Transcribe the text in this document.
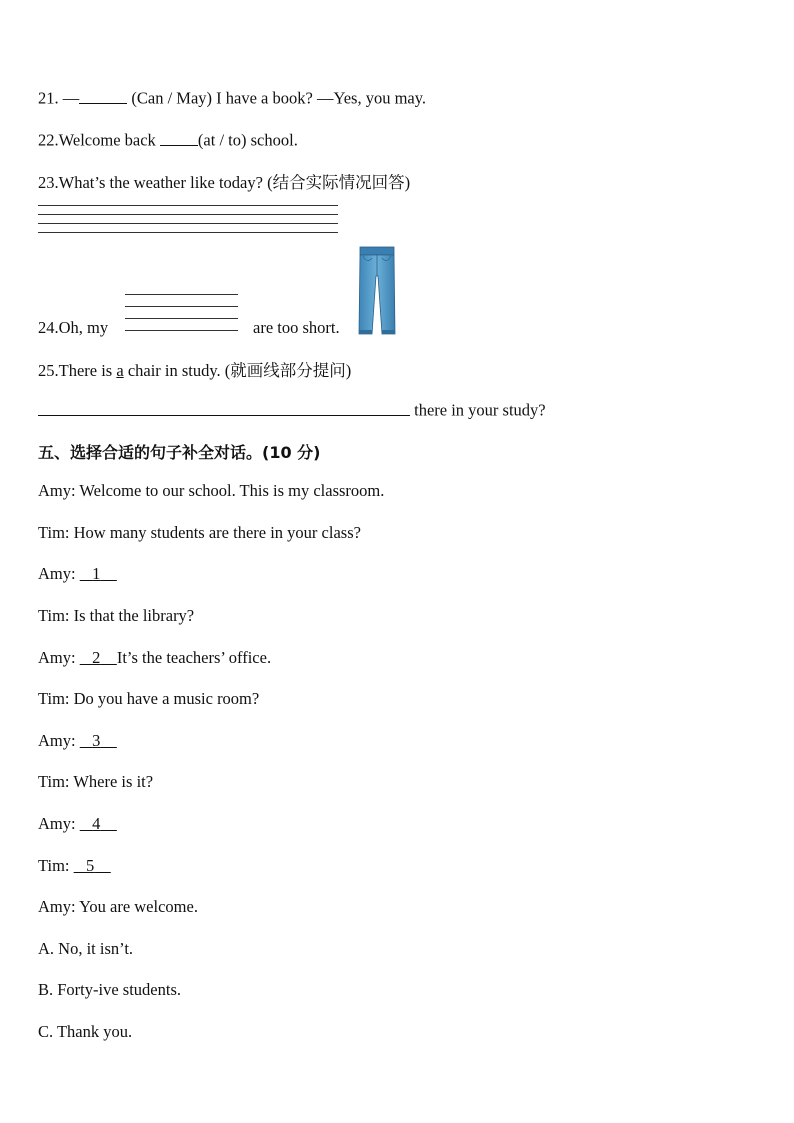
21. —	(Can / May) I have a book? —Yes, you may.
22.Welcome back	(at / to) school.
23.What’s the weather like today? (结合实际情况回答)
24.Oh, my	are too short.
25.There is a chair in study. (就画线部分提问)
there in your study?
五、选择合适的句子补全对话。(10 分)
Amy: Welcome to our school. This is my classroom.
Tim: How many students are there in your class?
Amy: 1
Tim: Is that the library?
Amy: 2 It’s the teachers’ office.
Tim: Do you have a music room?
Amy: 3
Tim: Where is it?
Amy: 4
Tim: 5
Amy: You are welcome.
A. No, it isn’t.
B. Forty-ive students.
C. Thank you.
